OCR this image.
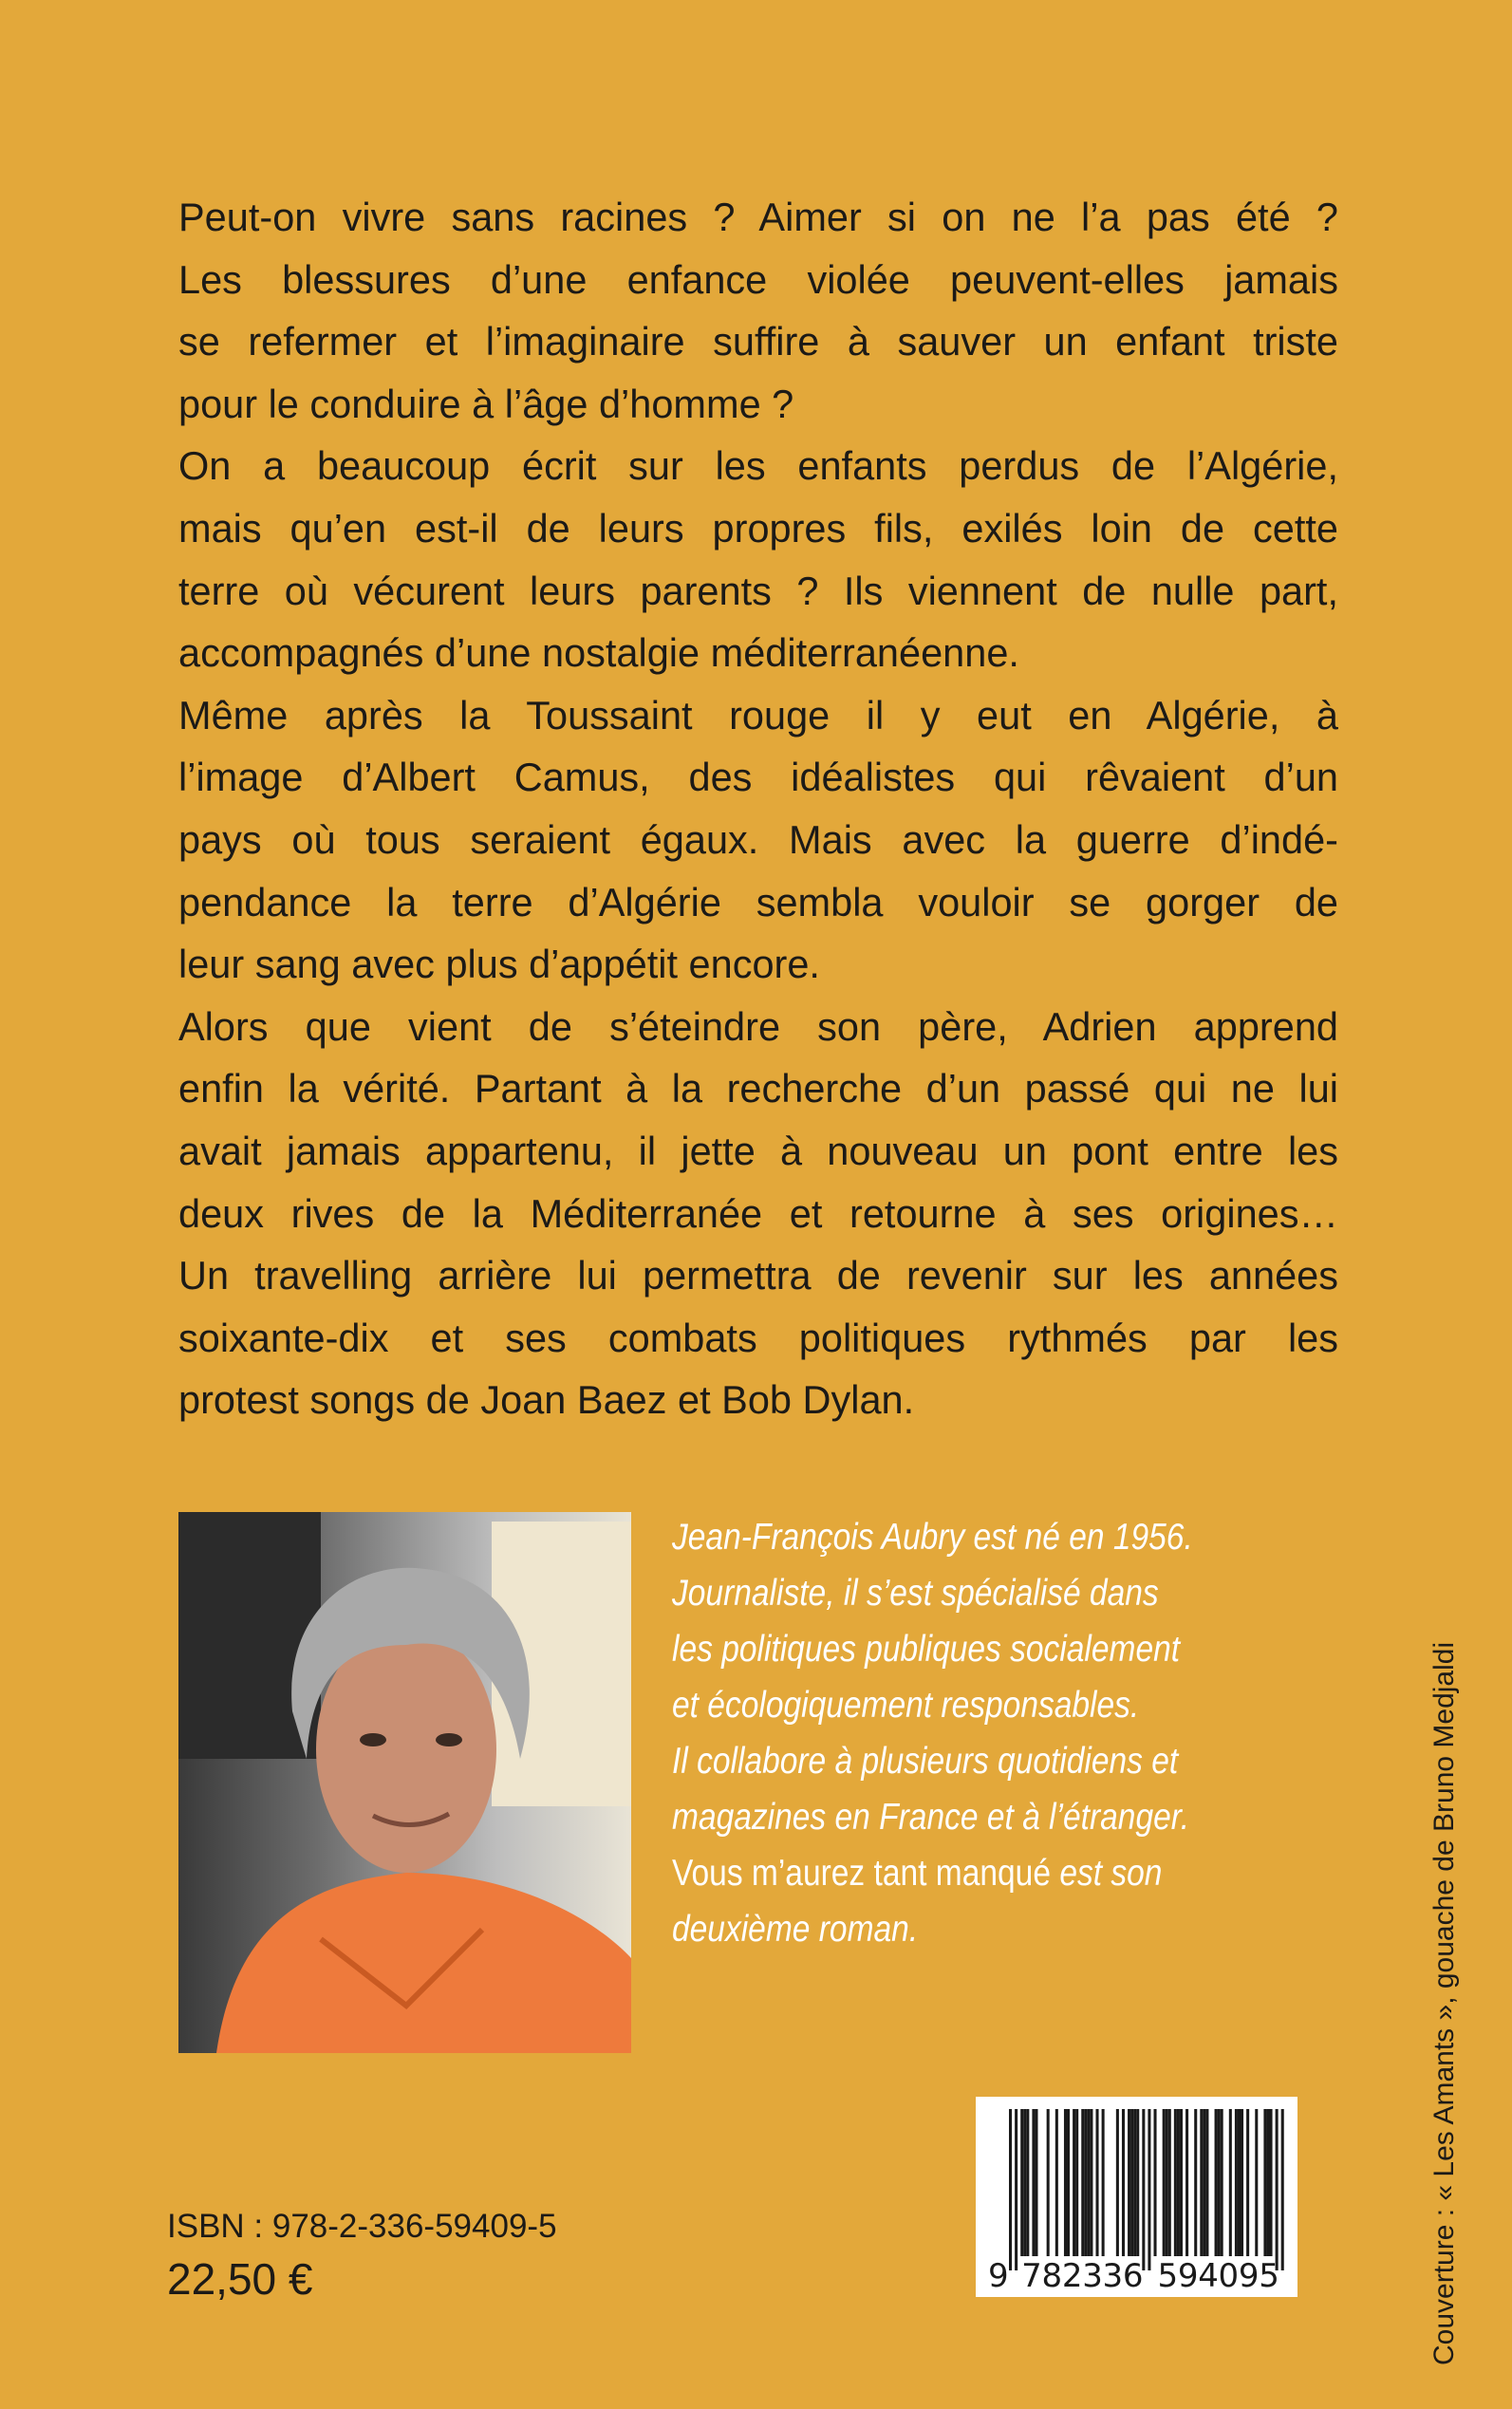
Peut-on vivre sans racines ? Aimer si on ne l’a pas été ?
Les blessures d’une enfance violée peuvent-elles jamais
se refermer et l’imaginaire suffire à sauver un enfant triste
pour le conduire à l’âge d’homme ?
On a beaucoup écrit sur les enfants perdus de l’Algérie,
mais qu’en est-il de leurs propres fils, exilés loin de cette
terre où vécurent leurs parents ? Ils viennent de nulle part,
accompagnés d’une nostalgie méditerranéenne.
Même après la Toussaint rouge il y eut en Algérie, à
l’image d’Albert Camus, des idéalistes qui rêvaient d’un
pays où tous seraient égaux. Mais avec la guerre d’indé-
pendance la terre d’Algérie sembla vouloir se gorger de
leur sang avec plus d’appétit encore.
Alors que vient de s’éteindre son père, Adrien apprend
enfin la vérité. Partant à la recherche d’un passé qui ne lui
avait jamais appartenu, il jette à nouveau un pont entre les
deux rives de la Méditerranée et retourne à ses origines…
Un travelling arrière lui permettra de revenir sur les années
soixante-dix et ses combats politiques rythmés par les
protest songs de Joan Baez et Bob Dylan.
Jean-François Aubry est né en 1956.
Journaliste, il s’est spécialisé dans
les politiques publiques socialement
et écologiquement responsables.
Il collabore à plusieurs quotidiens et
magazines en France et à l’étranger.
Vous m’aurez tant manqué est son
deuxième roman.
ISBN : 978-2-336-59409-5
22,50 €	9 7 8 2 3 3 6 5 9 4 0 9 5	Couverture : « Les Amants », gouache de Bruno Medjaldi
